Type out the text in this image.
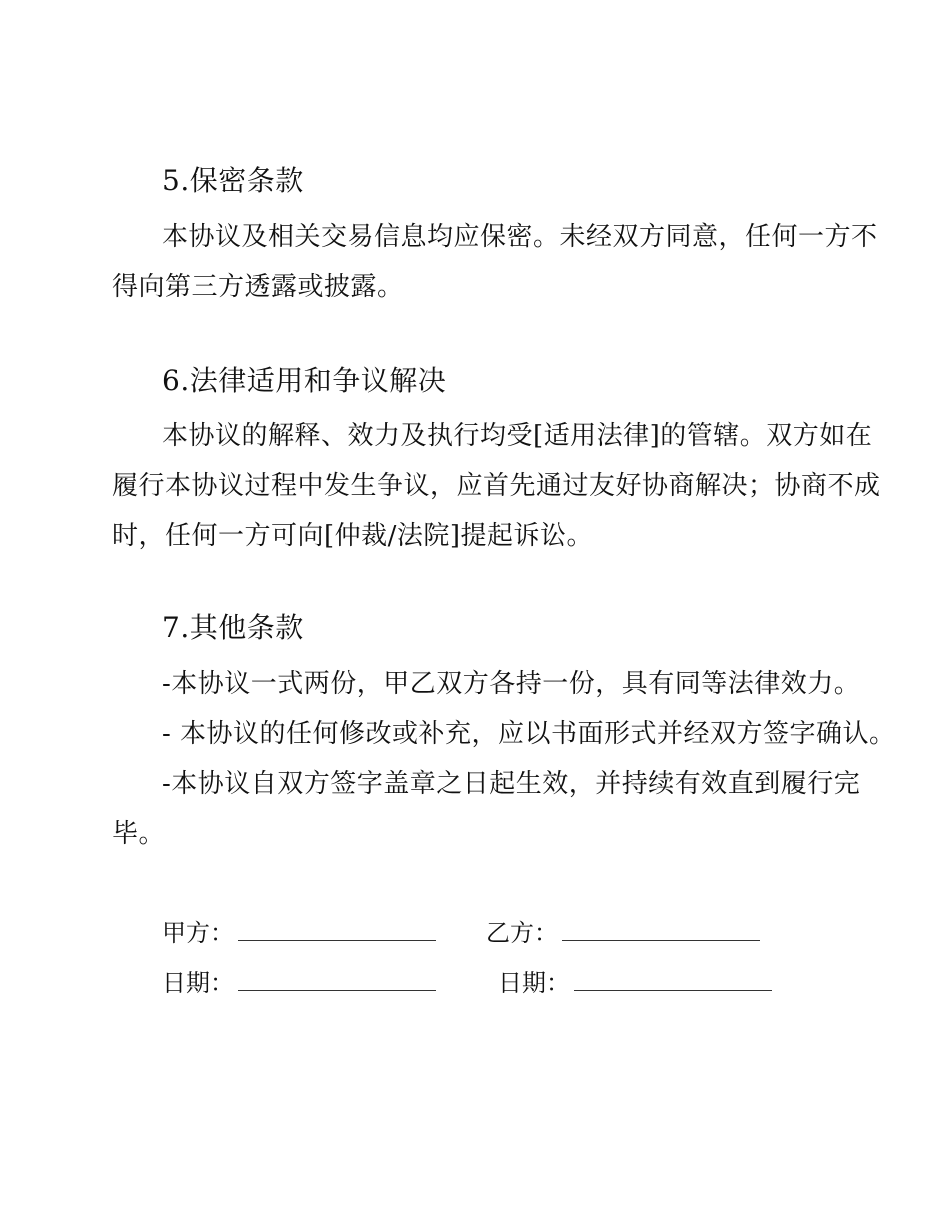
5.保密条款
本协议及相关交易信息均应保密。未经双方同意，任何一方不
得向第三方透露或披露。
6.法律适用和争议解决
本协议的解释、效力及执行均受[适用法律]的管辖。双方如在
履行本协议过程中发生争议，应首先通过友好协商解决；协商不成
时，任何一方可向[仲裁/法院]提起诉讼。
7.其他条款
-本协议一式两份，甲乙双方各持一份，具有同等法律效力。
- 本协议的任何修改或补充，应以书面形式并经双方签字确认。
-本协议自双方签字盖章之日起生效，并持续有效直到履行完
毕。
甲方：	乙方：
日期：	日期：
